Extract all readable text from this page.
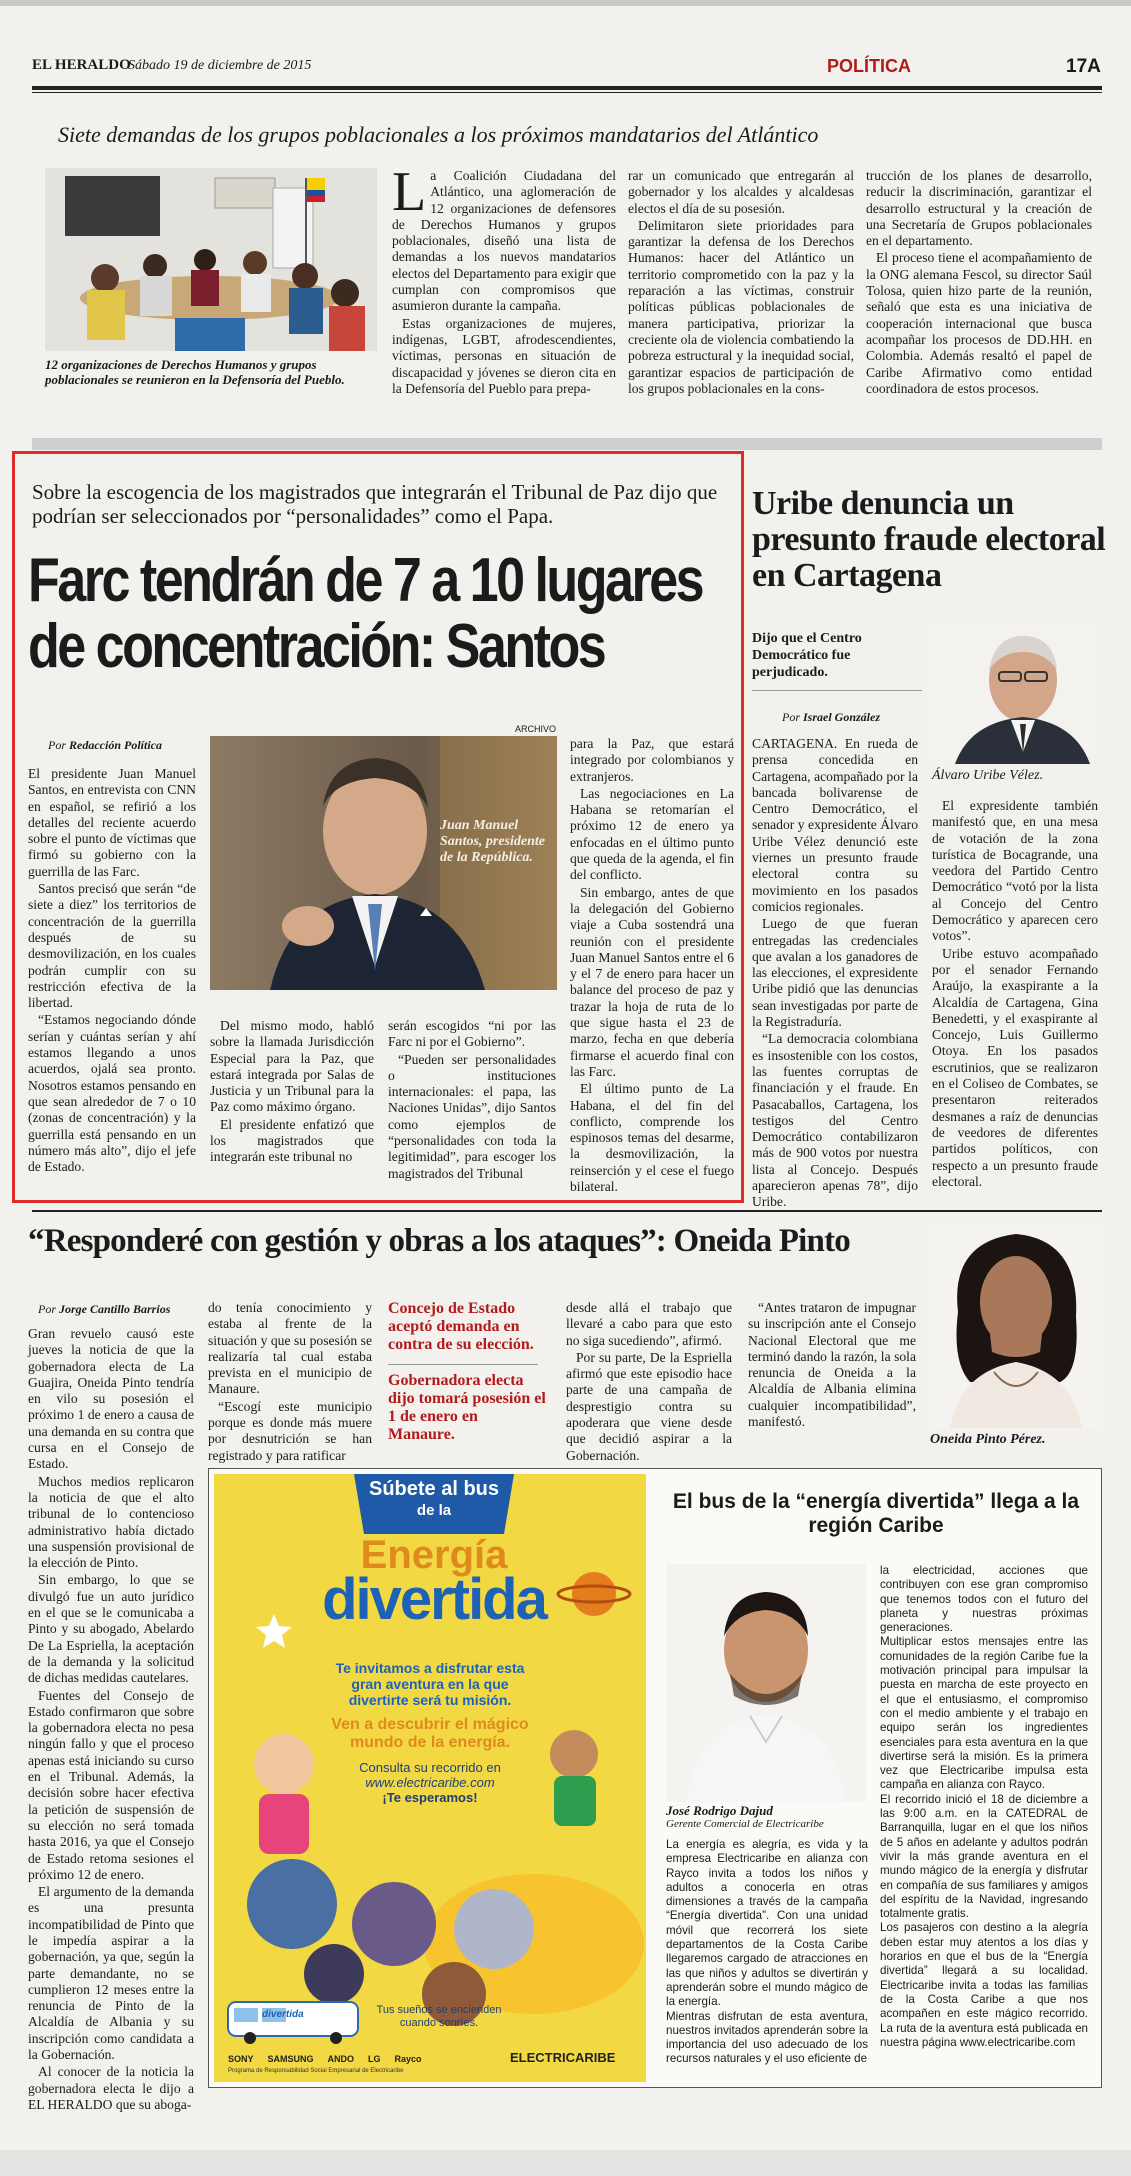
EL HERALDO
Sábado 19 de diciembre de 2015	POLÍTICA	17A
Siete demandas de los grupos poblacionales a los próximos mandatarios del Atlántico
12 organizaciones de Derechos Humanos y grupos poblacionales se reunieron en la Defensoría del Pueblo.

La Coalición Ciudadana del Atlántico, una aglomeración de 12 organizaciones de defensores de Derechos Humanos y grupos poblacionales, diseñó una lista de demandas a los nuevos mandatarios electos del Departamento para exigir que cumplan con compromisos que asumieron durante la campaña.

Estas organizaciones de mujeres, indígenas, LGBT, afrodescendientes, víctimas, personas en situación de discapacidad y jóvenes se dieron cita en la Defensoría del Pueblo para prepa-

rar un comunicado que entregarán al gobernador y los alcaldes y alcaldesas electos el día de su posesión.

Delimitaron siete prioridades para garantizar la defensa de los Derechos Humanos: hacer del Atlántico un territorio comprometido con la paz y la reparación a las víctimas, construir políticas públicas poblacionales de manera participativa, priorizar la creciente ola de violencia combatiendo la pobreza estructural y la inequidad social, garantizar espacios de participación de los grupos poblacionales en la cons-

trucción de los planes de desarrollo, reducir la discriminación, garantizar el desarrollo estructural y la creación de una Secretaría de Grupos poblacionales en el departamento.

El proceso tiene el acompañamiento de la ONG alemana Fescol, su director Saúl Tolosa, quien hizo parte de la reunión, señaló que esta es una iniciativa de cooperación internacional que busca acompañar los procesos de DD.HH. en Colombia. Además resaltó el papel de Caribe Afirmativo como entidad coordinadora de estos procesos.

Sobre la escogencia de los magistrados que integrarán el Tribunal de Paz dijo que podrían ser seleccionados por “personalidades” como el Papa.
Farc tendrán de 7 a 10 lugares de concentración: Santos
Por Redacción Política
ARCHIVO
Juan Manuel Santos, presidente de la República.

El presidente Juan Manuel Santos, en entrevista con CNN en español, se refirió a los detalles del reciente acuerdo sobre el punto de víctimas que firmó su gobierno con la guerrilla de las Farc.

Santos precisó que serán “de siete a diez” los territorios de concentración de la guerrilla después de su desmovilización, en los cuales podrán cumplir con su restricción efectiva de la libertad.

“Estamos negociando dónde serían y cuántas serían y ahí estamos llegando a unos acuerdos, ojalá sea pronto. Nosotros estamos pensando en que sean alrededor de 7 o 10 (zonas de concentración) y la guerrilla está pensando en un número más alto”, dijo el jefe de Estado.

Del mismo modo, habló sobre la llamada Jurisdicción Especial para la Paz, que estará integrada por Salas de Justicia y un Tribunal para la Paz como máximo órgano.

El presidente enfatizó que los magistrados que integrarán este tribunal no

serán escogidos “ni por las Farc ni por el Gobierno”.

“Pueden ser personalidades o instituciones internacionales: el papa, las Naciones Unidas”, dijo Santos como ejemplos de “personalidades con toda la legitimidad”, para escoger los magistrados del Tribunal

para la Paz, que estará integrado por colombianos y extranjeros.

Las negociaciones en La Habana se retomarían el próximo 12 de enero ya enfocadas en el último punto que queda de la agenda, el fin del conflicto.

Sin embargo, antes de que la delegación del Gobierno viaje a Cuba sostendrá una reunión con el presidente Juan Manuel Santos entre el 6 y el 7 de enero para hacer un balance del proceso de paz y trazar la hoja de ruta de lo que sigue hasta el 23 de marzo, fecha en que debería firmarse el acuerdo final con las Farc.

El último punto de La Habana, el del fin del conflicto, comprende los espinosos temas del desarme, la desmovilización, la reinserción y el cese el fuego bilateral.

Uribe denuncia un presunto fraude electoral en Cartagena
Dijo que el Centro Democrático fue perjudicado.
Por Israel González
Álvaro Uribe Vélez.

CARTAGENA. En rueda de prensa concedida en Cartagena, acompañado por la bancada bolivarense de Centro Democrático, el senador y expresidente Álvaro Uribe Vélez denunció este viernes un presunto fraude electoral contra su movimiento en los pasados comicios regionales.

Luego de que fueran entregadas las credenciales que avalan a los ganadores de las elecciones, el expresidente Uribe pidió que las denuncias sean investigadas por parte de la Registraduría.

“La democracia colombiana es insostenible con los costos, las fuentes corruptas de financiación y el fraude. En Pasacaballos, Cartagena, los testigos del Centro Democrático contabilizaron más de 900 votos por nuestra lista al Concejo. Después aparecieron apenas 78”, dijo Uribe.

El expresidente también manifestó que, en una mesa de votación de la zona turística de Bocagrande, una veedora del Partido Centro Democrático “votó por la lista al Concejo del Centro Democrático y aparecen cero votos”.

Uribe estuvo acompañado por el senador Fernando Araújo, la exaspirante a la Alcaldía de Cartagena, Gina Benedetti, y el exaspirante al Concejo, Luis Guillermo Otoya. En los pasados escrutinios, que se realizaron en el Coliseo de Combates, se presentaron reiterados desmanes a raíz de denuncias de veedores de diferentes partidos políticos, con respecto a un presunto fraude electoral.

“Responderé con gestión y obras a los ataques”: Oneida Pinto
Por Jorge Cantillo Barrios
Oneida Pinto Pérez.

Gran revuelo causó este jueves la noticia de que la gobernadora electa de La Guajira, Oneida Pinto tendría en vilo su posesión el próximo 1 de enero a causa de una demanda en su contra que cursa en el Consejo de Estado.

Muchos medios replicaron la noticia de que el alto tribunal de lo contencioso administrativo había dictado una suspensión provisional de la elección de Pinto.

Sin embargo, lo que se divulgó fue un auto jurídico en el que se le comunicaba a Pinto y su abogado, Abelardo De La Espriella, la aceptación de la demanda y la solicitud de dichas medidas cautelares.

Fuentes del Consejo de Estado confirmaron que sobre la gobernadora electa no pesa ningún fallo y que el proceso apenas está iniciando su curso en el Tribunal. Además, la decisión sobre hacer efectiva la petición de suspensión de su elección no será tomada hasta 2016, ya que el Consejo de Estado retoma sesiones el próximo 12 de enero.

El argumento de la demanda es una presunta incompatibilidad de Pinto que le impedía aspirar a la gobernación, ya que, según la parte demandante, no se cumplieron 12 meses entre la renuncia de Pinto de la Alcaldía de Albania y su inscripción como candidata a la Gobernación.

Al conocer de la noticia la gobernadora electa le dijo a EL HERALDO que su aboga-

do tenía conocimiento y estaba al frente de la situación y que su posesión se realizaría tal cual estaba prevista en el municipio de Manaure.

“Escogí este municipio porque es donde más muere por desnutrición se han registrado y para ratificar

Concejo de Estado aceptó demanda en contra de su elección.
Gobernadora electa dijo tomará posesión el 1 de enero en Manaure.

desde allá el trabajo que llevaré a cabo para que esto no siga sucediendo”, afirmó.

Por su parte, De la Espriella afirmó que este episodio hace parte de una campaña de desprestigio contra su apoderara que viene desde que decidió aspirar a la Gobernación.

“Antes trataron de impugnar su inscripción ante el Consejo Nacional Electoral que me terminó dando la razón, la sola renuncia de Oneida a la Alcaldía de Albania elimina cualquier incompatibilidad”, manifestó.

Súbete al bus
de la
Energía
divertida
Te invitamos a disfrutar esta gran aventura en la que divertirte será tu misión.
Ven a descubrir el mágico mundo de la energía.
Consulta su recorrido en
www.electricaribe.com
¡Te esperamos!
divertida	Tus sueños se encienden cuando sonríes.
SONY SAMSUNG ANDO LG Rayco	ELECTRICARIBE
Programa de Responsabilidad Social Empresarial de Electricaribe
El bus de la “energía divertida” llega a la región Caribe
José Rodrigo Dajud
Gerente Comercial de Electricaribe

La energía es alegría, es vida y la empresa Electricaribe en alianza con Rayco invita a todos los niños y adultos a conocerla en otras dimensiones a través de la campaña “Energía divertida”. Con una unidad móvil que recorrerá los siete departamentos de la Costa Caribe llegaremos cargado de atracciones en las que niños y adultos se divertirán y aprenderán sobre el mundo mágico de la energía.

Mientras disfrutan de esta aventura, nuestros invitados aprenderán sobre la importancia del uso adecuado de los recursos naturales y el uso eficiente de

la electricidad, acciones que contribuyen con ese gran compromiso que tenemos todos con el futuro del planeta y nuestras próximas generaciones.

Multiplicar estos mensajes entre las comunidades de la región Caribe fue la motivación principal para impulsar la puesta en marcha de este proyecto en el que el entusiasmo, el compromiso con el medio ambiente y el trabajo en equipo serán los ingredientes esenciales para esta aventura en la que divertirse será la misión. Es la primera vez que Electricaribe impulsa esta campaña en alianza con Rayco.

El recorrido inició el 18 de diciembre a las 9:00 a.m. en la CATEDRAL de Barranquilla, lugar en el que los niños de 5 años en adelante y adultos podrán vivir la más grande aventura en el mundo mágico de la energía y disfrutar en compañía de sus familiares y amigos del espíritu de la Navidad, ingresando totalmente gratis.

Los pasajeros con destino a la alegría deben estar muy atentos a los días y horarios en que el bus de la “Energía divertida” llegará a su localidad. Electricaribe invita a todas las familias de la Costa Caribe a que nos acompañen en este mágico recorrido. La ruta de la aventura está publicada en nuestra página www.electricaribe.com
